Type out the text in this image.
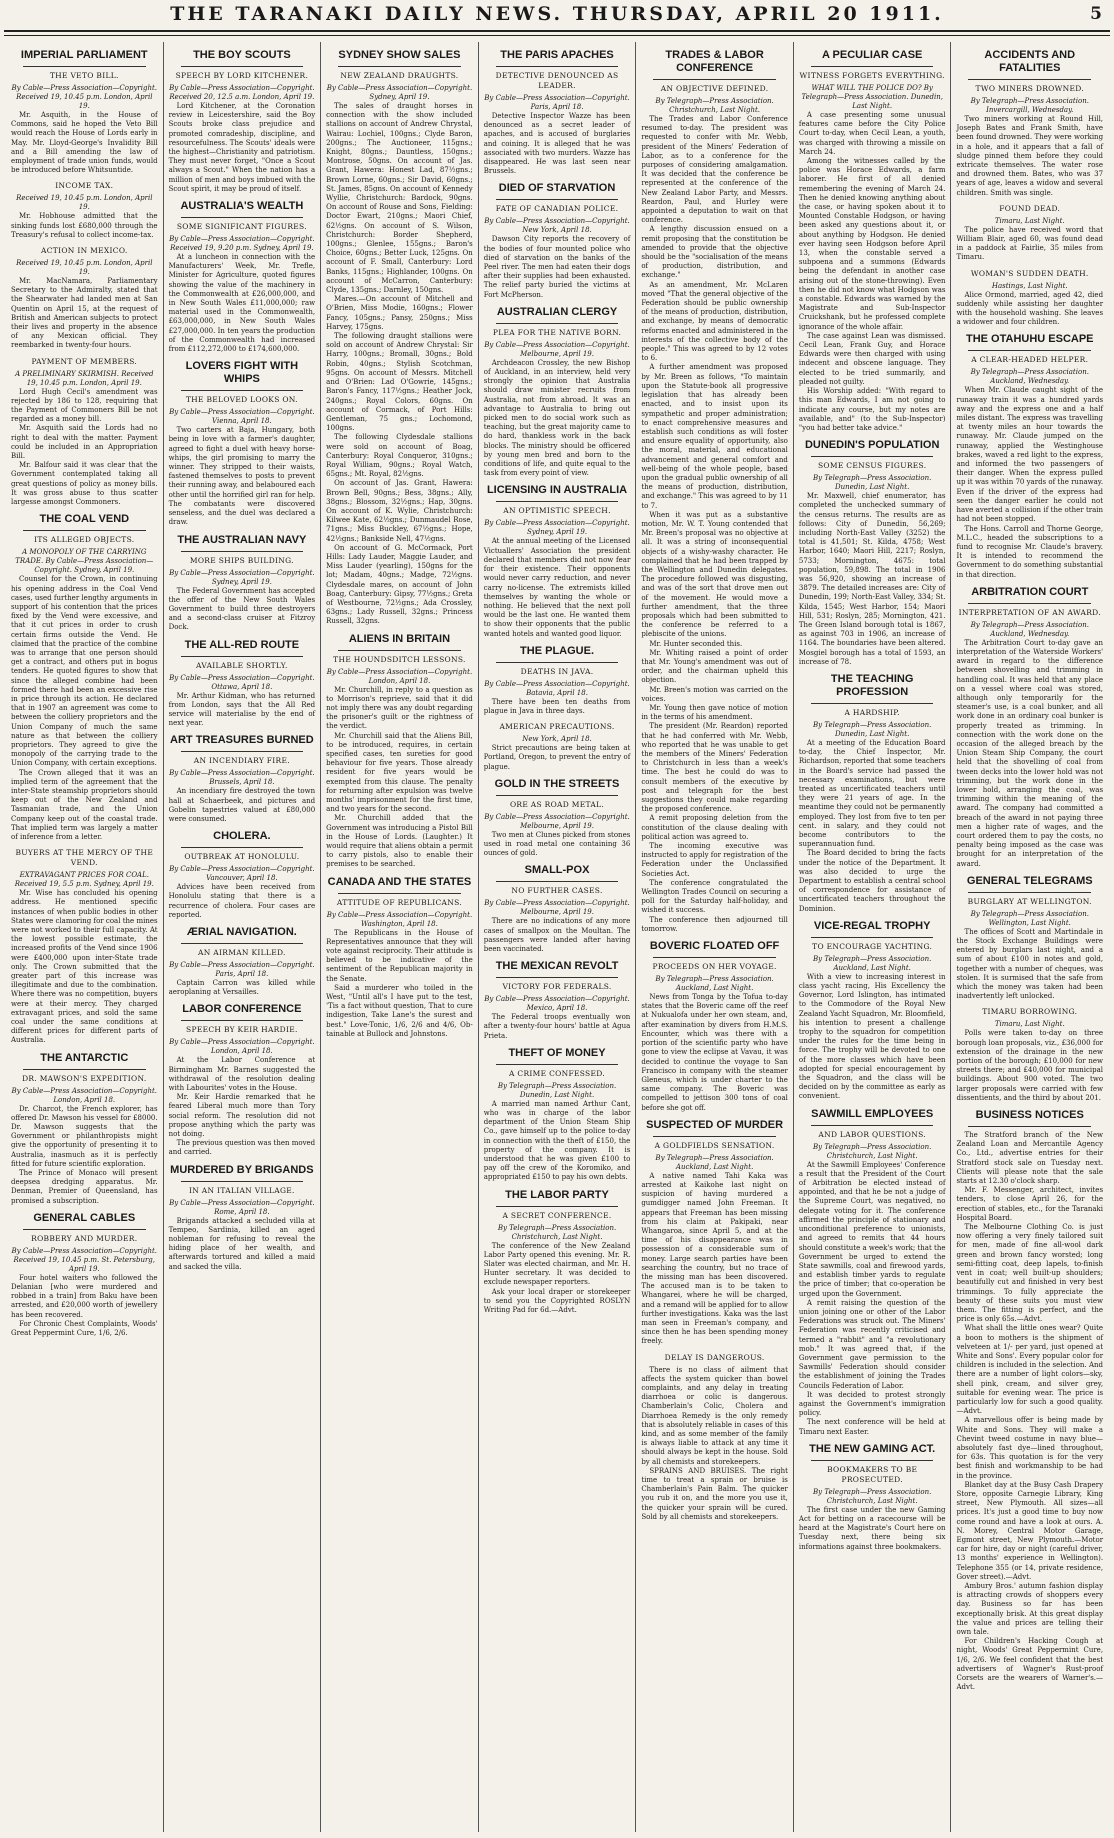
THE TARANAKI DAILY NEWS. THURSDAY, APRIL 20 1911.	5
IMPERIAL PARLIAMENT
THE VETO BILL.
By Cable—Press Association—Copyright. Received 19, 10.45 p.m. London, April 19.

Mr. Asquith, in the House of Commons, said he hoped the Veto Bill would reach the House of Lords early in May. Mr. Lloyd-George's Invalidity Bill and a Bill amending the law of employment of trade union funds, would be introduced before Whitsuntide.

INCOME TAX.
Received 19, 10.45 p.m. London, April 19.

Mr. Hobhouse admitted that the sinking funds lost £680,000 through the Treasury's refusal to collect income-tax.

ACTION IN MEXICO.
Received 19, 10.45 p.m. London, April 19.

Mr. MacNamara, Parliamentary Secretary to the Admiralty, stated that the Shearwater had landed men at San Quentin on April 15, at the request of British and American subjects to protect their lives and property in the absence of any Mexican official. They reembarked in twenty-four hours.

PAYMENT OF MEMBERS.
A PRELIMINARY SKIRMISH. Received 19, 10.45 p.m. London, April 19.

Lord Hugh Cecil's amendment was rejected by 186 to 128, requiring that the Payment of Commoners Bill be not regarded as a money bill.

Mr. Asquith said the Lords had no right to deal with the matter. Payment could be included in an Appropriation Bill.

Mr. Balfour said it was clear that the Government contemplated taking all great questions of policy as money bills. It was gross abuse to thus scatter largesse amongst Commoners.

THE COAL VEND
ITS ALLEGED OBJECTS.
A MONOPOLY OF THE CARRYING TRADE. By Cable—Press Association—Copyright. Sydney, April 19.

Counsel for the Crown, in continuing his opening address in the Coal Vend cases, used further lengthy arguments in support of his contention that the prices fixed by the Vend were excessive, and that it cut prices in order to crush certain firms outside the Vend. He claimed that the practice of the combine was to arrange that one person should get a contract, and others put in bogus tenders. He quoted figures to show that since the alleged combine had been formed there had been an excessive rise in price through its action. He declared that in 1907 an agreement was come to between the colliery proprietors and the Union Company of much the same nature as that between the colliery proprietors. They agreed to give the monopoly of the carrying trade to the Union Company, with certain exceptions.

The Crown alleged that it was an implied term of the agreement that the inter-State steamship proprietors should keep out of the New Zealand and Tasmanian trade, and the Union Company keep out of the coastal trade. That implied term was largely a matter of inference from a letter.

BUYERS AT THE MERCY OF THE VEND.
EXTRAVAGANT PRICES FOR COAL. Received 19, 5.5 p.m. Sydney, April 19.

Mr. Wise has concluded his opening address. He mentioned specific instances of when public bodies in other States were clamoring for coal the mines were not worked to their full capacity. At the lowest possible estimate, the increased profits of the Vend since 1906 were £400,000 upon inter-State trade only. The Crown submitted that the greater part of this increase was illegitimate and due to the combination. Where there was no competition, buyers were at their mercy. They charged extravagant prices, and sold the same coal under the same conditions at different prices for different parts of Australia.

THE ANTARCTIC
DR. MAWSON'S EXPEDITION.
By Cable—Press Association—Copyright. London, April 18.

Dr. Charcot, the French explorer, has offered Dr. Mawson his vessel for £8000. Dr. Mawson suggests that the Government or philanthropists might give the opportunity of presenting it to Australia, inasmuch as it is perfectly fitted for future scientific exploration.

The Prince of Monaco will present deepsea dredging apparatus. Mr. Denman, Premier of Queensland, has promised a subscription.

GENERAL CABLES
ROBBERY AND MURDER.
By Cable—Press Association—Copyright. Received 19, 10.45 p.m. St. Petersburg, April 19.

Four hotel waiters who followed the Delanian [who were murdered and robbed in a train] from Baku have been arrested, and £20,000 worth of jewellery has been recovered.

For Chronic Chest Complaints, Woods' Great Peppermint Cure, 1/6, 2/6.

THE BOY SCOUTS
SPEECH BY LORD KITCHENER.
By Cable—Press Association—Copyright. Received 20, 12.5 a.m. London, April 19.

Lord Kitchener, at the Coronation review in Leicestershire, said the Boy Scouts broke class prejudice and promoted comradeship, discipline, and resourcefulness. The Scouts' ideals were the highest—Christianity and patriotism. They must never forget, "Once a Scout always a Scout." When the nation has a million of men and boys imbued with the Scout spirit, it may be proud of itself.

AUSTRALIA'S WEALTH
SOME SIGNIFICANT FIGURES.
By Cable—Press Association—Copyright. Received 19, 9.20 p.m. Sydney, April 19.

At a luncheon in connection with the Manufacturers' Week, Mr. Trefle, Minister for Agriculture, quoted figures showing the value of the machinery in the Commonwealth at £26,000,000, and in New South Wales £11,000,000; raw material used in the Commonwealth, £63,000,000, in New South Wales £27,000,000. In ten years the production of the Commonwealth had increased from £112,272,000 to £174,600,000.

LOVERS FIGHT WITH WHIPS
THE BELOVED LOOKS ON.
By Cable—Press Association—Copyright. Vienna, April 18.

Two carters at Baja, Hungary, both being in love with a farmer's daughter, agreed to fight a duel with heavy horse-whips, the girl promising to marry the winner. They stripped to their waists, fastened themselves to posts to prevent their running away, and belaboured each other until the horrified girl ran for help. The combatants were discovered senseless, and the duel was declared a draw.

THE AUSTRALIAN NAVY
MORE SHIPS BUILDING.
By Cable—Press Association—Copyright. Sydney, April 19.

The Federal Government has accepted the offer of the New South Wales Government to build three destroyers and a second-class cruiser at Fitzroy Dock.

THE ALL-RED ROUTE
AVAILABLE SHORTLY.
By Cable—Press Association—Copyright. Ottawa, April 18.

Mr. Arthur Kidman, who has returned from London, says that the All Red service will materialise by the end of next year.

ART TREASURES BURNED
AN INCENDIARY FIRE.
By Cable—Press Association—Copyright. Brussels, April 18.

An incendiary fire destroyed the town hall at Schaerbeek, and pictures and Gobelin tapestries valued at £80,000 were consumed.

CHOLERA.
OUTBREAK AT HONOLULU.
By Cable—Press Association—Copyright. Vancouver, April 18.

Advices have been received from Honolulu stating that there is a recurrence of cholera. Four cases are reported.

ÆRIAL NAVIGATION.
AN AIRMAN KILLED.
By Cable—Press Association—Copyright. Paris, April 18.

Captain Carron was killed while aeroplaning at Versailles.

LABOR CONFERENCE
SPEECH BY KEIR HARDIE.
By Cable—Press Association—Copyright. London, April 18.

At the Labor Conference at Birmingham Mr. Barnes suggested the withdrawal of the resolution dealing with Labourites' votes in the House.

Mr. Keir Hardie remarked that he feared Liberal much more than Tory social reform. The resolution did not propose anything which the party was not doing.

The previous question was then moved and carried.

MURDERED BY BRIGANDS
IN AN ITALIAN VILLAGE.
By Cable—Press Association—Copyright. Rome, April 18.

Brigands attacked a secluded villa at Tempeo, Sardinia, killed an aged nobleman for refusing to reveal the hiding place of her wealth, and afterwards tortured and killed a maid and sacked the villa.

SYDNEY SHOW SALES
NEW ZEALAND DRAUGHTS.
By Cable—Press Association—Copyright. Sydney, April 19.

The sales of draught horses in connection with the show included stallions on account of Andrew Chrystal, Wairau: Lochiel, 100gns.; Clyde Baron, 200gns.; The Auctioneer, 115gns.; Knight, 80gns.; Dauntless, 150gns.; Montrose, 50gns. On account of Jas. Grant, Hawera: Honest Lad, 87½gns.; Brown Lorne, 60gns.; Sir David, 60gns.; St. James, 85gns. On account of Kennedy Wyllie, Christchurch: Bardock, 90gns. On account of Rouse and Sons, Fielding: Doctor Ewart, 210gns.; Maori Chief, 62½gns. On account of S. Wilson, Christchurch: Border Shepherd, 100gns.; Glenlee, 155gns.; Baron's Choice, 60gns.; Better Luck, 125gns. On account of F. Small, Canterbury: Lord Banks, 115gns.; Highlander, 100gns. On account of McCarron, Canterbury: Clyde, 135gns.; Darnley, 150gns.

Mares.—On account of Mitchell and O'Brien, Miss Modie, 160gns.; Flower Fancy, 105gns.; Pansy, 250gns.; Miss Harvey, 175gns.

The following draught stallions were sold on account of Andrew Chrystal: Sir Harry, 100gns.; Bromall, 30gns.; Bold Robin, 40gns.; Stylish Scotchman, 95gns. On account of Messrs. Mitchell and O'Brien: Lad O'Gowrie, 145gns.; Baron's Fancy, 117½gns.; Heather Jock, 240gns.; Royal Colors, 60gns. On account of Cormack, of Port Hills: Gentleman, 75 gns.; Lochomond, 100gns.

The following Clydesdale stallions were sold on account of Boag, Canterbury: Royal Conqueror, 310gns.; Royal William, 90gns.; Royal Watch, 65gns.; Mt. Royal, 82½gns.

On account of Jas. Grant, Hawera: Brown Bell, 90gns.; Bess, 38gns.; Ally, 38gns.; Blossom, 32½gns.; Hap, 30gns. On account of K. Wylie, Christchurch: Kilwee Kate, 62½gns.; Dunmaudel Rose, 71gns.; Miss Buckley, 67½gns.; Hope, 42½gns.; Bankside Nell, 47½gns.

On account of G. McCormack, Port Hills: Lady Lauder, Maggie Lauder, and Miss Lauder (yearling), 150gns for the lot; Madam, 40gns.; Madge, 72½gns. Clydesdale mares, on account of John Boag, Canterbury: Gipsy, 77½gns.; Greta of Westbourne, 72½gns.; Ada Crossley, 63gns.; Lady Russell, 32gns.; Princess Russell, 32gns.

ALIENS IN BRITAIN
THE HOUNDSDITCH LESSONS.
By Cable—Press Association—Copyright. London, April 18.

Mr. Churchill, in reply to a question as to Morrison's reprieve, said that it did not imply there was any doubt regarding the prisoner's guilt or the rightness of the verdict.

Mr. Churchill said that the Aliens Bill, to be introduced, requires, in certain specified cases, ten sureties for good behaviour for five years. Those already resident for five years would be exempted from this clause. The penalty for returning after expulsion was twelve months' imprisonment for the first time, and two years for the second.

Mr. Churchill added that the Government was introducing a Pistol Bill in the House of Lords. (Laughter.) It would require that aliens obtain a permit to carry pistols, also to enable their premises to be searched.

CANADA AND THE STATES
ATTITUDE OF REPUBLICANS.
By Cable—Press Association—Copyright. Washington, April 18.

The Republicans in the House of Representatives announce that they will vote against reciprocity. Their attitude is believed to be indicative of the sentiment of the Republican majority in the Senate.

Said a murderer who toiled in the West, "Until all's I have put to the test, 'Tis a fact without question, That to cure indigestion, Take Lane's the surest and best." Love-Tonic, 1/6, 2/6 and 4/6, Ob-tainable at Bullock and Johnstons.

THE PARIS APACHES
DETECTIVE DENOUNCED AS LEADER.
By Cable—Press Association—Copyright. Paris, April 18.

Detective Inspector Wazze has been denounced as a secret leader of apaches, and is accused of burglaries and coining. It is alleged that he was associated with two murders. Wazze has disappeared. He was last seen near Brussels.

DIED OF STARVATION
FATE OF CANADIAN POLICE.
By Cable—Press Association—Copyright. New York, April 18.

Dawson City reports the recovery of the bodies of four mounted police who died of starvation on the banks of the Peel river. The men had eaten their dogs after their supplies had been exhausted. The relief party buried the victims at Fort McPherson.

AUSTRALIAN CLERGY
PLEA FOR THE NATIVE BORN.
By Cable—Press Association—Copyright. Melbourne, April 19.

Archdeacon Crossley, the new Bishop of Auckland, in an interview, held very strongly the opinion that Australia should draw minister recruits from Australia, not from abroad. It was an advantage to Australia to bring out picked men to do social work such as teaching, but the great majority came to do hard, thankless work in the back blocks. The ministry should be officered by young men bred and born to the conditions of life, and quite equal to the task from every point of view.

LICENSING IN AUSTRALIA
AN OPTIMISTIC SPEECH.
By Cable—Press Association—Copyright. Sydney, April 19.

At the annual meeting of the Licensed Victuallers' Association the president declared that members did not now fear for their existence. Their opponents would never carry reduction, and never carry no-license. The extremists killed themselves by wanting the whole or nothing. He believed that the next poll would be the last one. He wanted them to show their opponents that the public wanted hotels and wanted good liquor.

THE PLAGUE.
DEATHS IN JAVA.
By Cable—Press Association—Copyright. Batavia, April 18.

There have been ten deaths from plague in Java in three days.

AMERICAN PRECAUTIONS.
New York, April 18.

Strict precautions are being taken at Portland, Oregon, to prevent the entry of plague.

GOLD IN THE STREETS
ORE AS ROAD METAL.
By Cable—Press Association—Copyright. Melbourne, April 19.

Two men at Clunes picked from stones used in road metal one containing 36 ounces of gold.

SMALL-POX
NO FURTHER CASES.
By Cable—Press Association—Copyright. Melbourne, April 19.

There are no indications of any more cases of smallpox on the Moultan. The passengers were landed after having been vaccinated.

THE MEXICAN REVOLT
VICTORY FOR FEDERALS.
By Cable—Press Association—Copyright. Mexico, April 18.

The Federal troops eventually won after a twenty-four hours' battle at Agua Prieta.

THEFT OF MONEY
A CRIME CONFESSED.
By Telegraph—Press Association. Dunedin, Last Night.

A married man named Arthur Cant, who was in charge of the labor department of the Union Steam Ship Co., gave himself up to the police to-day in connection with the theft of £150, the property of the company. It is understood that he was given £100 to pay off the crew of the Koromiko, and appropriated £150 to pay his own debts.

THE LABOR PARTY
A SECRET CONFERENCE.
By Telegraph—Press Association. Christchurch, Last Night.

The conference of the New Zealand Labor Party opened this evening. Mr. R. Slater was elected chairman, and Mr. H. Hunter secretary. It was decided to exclude newspaper reporters.

Ask your local draper or storekeeper to send you the Copyrighted ROSLYN Writing Pad for 6d.—Advt.

TRADES & LABOR CONFERENCE
AN OBJECTIVE DEFINED.
By Telegraph—Press Association. Christchurch, Last Night.

The Trades and Labor Conference resumed to-day. The president was requested to confer with Mr. Webb, president of the Miners' Federation of Labor, as to a conference for the purposes of considering amalgamation. It was decided that the conference be represented at the conference of the New Zealand Labor Party, and Messrs. Reardon, Paul, and Hurley were appointed a deputation to wait on that conference.

A lengthy discussion ensued on a remit proposing that the constitution be amended to provide that the objective should be the "socialisation of the means of production, distribution, and exchange."

As an amendment, Mr. McLaren moved "That the general objective of the Federation should be public ownership of the means of production, distribution, and exchange, by means of democratic reforms enacted and administered in the interests of the collective body of the people." This was agreed to by 12 votes to 6.

A further amendment was proposed by Mr. Breen as follows, "To maintain upon the Statute-book all progressive legislation that has already been enacted, and to insist upon its sympathetic and proper administration; to enact comprehensive measures and establish such conditions as will foster and ensure equality of opportunity, also the moral, material, and educational advancement and general comfort and well-being of the whole people, based upon the gradual public ownership of all the means of production, distribution, and exchange." This was agreed to by 11 to 7.

When it was put as a substantive motion, Mr. W. T. Young contended that Mr. Breen's proposal was no objective at all. It was a string of inconsequential objects of a wishy-washy character. He complained that he had been trapped by the Wellington and Dunedin delegates. The procedure followed was disgusting, and was of the sort that drove men out of the movement. He would move a further amendment, that the three proposals which had been submitted to the conference be referred to a plebiscite of the unions.

Mr. Hunter seconded this.

Mr. Whiting raised a point of order that Mr. Young's amendment was out of order, and the chairman upheld this objection.

Mr. Breen's motion was carried on the voices.

Mr. Young then gave notice of motion in the terms of his amendment.

The president (Mr. Reardon) reported that he had conferred with Mr. Webb, who reported that he was unable to get the members of the Miners' Federation to Christchurch in less than a week's time. The best he could do was to consult members of the executive by post and telegraph for the best suggestions they could make regarding the proposed conference.

A remit proposing deletion from the constitution of the clause dealing with political action was agreed to.

The incoming executive was instructed to apply for registration of the Federation under the Unclassified Societies Act.

The conference congratulated the Wellington Trades Council on securing a poll for the Saturday half-holiday, and wished it success.

The conference then adjourned till tomorrow.

BOVERIC FLOATED OFF
PROCEEDS ON HER VOYAGE.
By Telegraph—Press Association. Auckland, Last Night.

News from Tonga by the Tofua to-day states that the Boveric came off the reef at Nukualofa under her own steam, and, after examination by divers from H.M.S. Encounter, which was there with a portion of the scientific party who have gone to view the eclipse at Vavau, it was decided to continue the voyage to San Francisco in company with the steamer Gleneus, which is under charter to the same company. The Boveric was compelled to jettison 300 tons of coal before she got off.

SUSPECTED OF MURDER
A GOLDFIELDS SENSATION.
By Telegraph—Press Association. Auckland, Last Night.

A native named Tahi Kaka was arrested at Kaikohe last night on suspicion of having murdered a gumdigger named John Freeman. It appears that Freeman has been missing from his claim at Pakipaki, near Whangaroa, since April 5, and at the time of his disappearance was in possession of a considerable sum of money. Large search parties have been searching the country, but no trace of the missing man has been discovered. The accused man is to be taken to Whangarei, where he will be charged, and a remand will be applied for to allow further investigations. Kaka was the last man seen in Freeman's company, and since then he has been spending money freely.

DELAY IS DANGEROUS.

There is no class of ailment that affects the system quicker than bowel complaints, and any delay in treating diarrhoea or colic is dangerous. Chamberlain's Colic, Cholera and Diarrhoea Remedy is the only remedy that is absolutely reliable in cases of this kind, and as some member of the family is always liable to attack at any time it should always be kept in the house. Sold by all chemists and storekeepers.

SPRAINS AND BRUISES. The right time to treat a sprain or bruise is Chamberlain's Pain Balm. The quicker you rub it on, and the more you use it, the quicker your sprain will be cured. Sold by all chemists and storekeepers.

A PECULIAR CASE
WITNESS FORGETS EVERYTHING.
WHAT WILL THE POLICE DO? By Telegraph—Press Association. Dunedin, Last Night.

A case presenting some unusual features came before the City Police Court to-day, when Cecil Lean, a youth, was charged with throwing a missile on March 24.

Among the witnesses called by the police was Horace Edwards, a farm laborer. He first of all denied remembering the evening of March 24. Then he denied knowing anything about the case, or having spoken about it to Mounted Constable Hodgson, or having been asked any questions about it, or about anything by Hodgson. He denied ever having seen Hodgson before April 13, when the constable served a subpoena and a summons (Edwards being the defendant in another case arising out of the stone-throwing). Even then he did not know what Hodgson was a constable. Edwards was warned by the Magistrate and Sub-Inspector Cruickshank, but he professed complete ignorance of the whole affair.

The case against Lean was dismissed. Cecil Lean, Frank Guy, and Horace Edwards were then charged with using indecent and obscene language. They elected to be tried summarily, and pleaded not guilty.

His Worship added: "With regard to this man Edwards, I am not going to indicate any course, but my notes are available, and" (to the Sub-Inspector) "you had better take advice."

DUNEDIN'S POPULATION
SOME CENSUS FIGURES.
By Telegraph—Press Association. Dunedin, Last Night.

Mr. Maxwell, chief enumerator, has completed the unchecked summary of the census returns. The results are as follows: City of Dunedin, 56,269; including North-East Valley (3252) the total is 41,501; St. Kilda, 4758; West Harbor, 1640; Maori Hill, 2217; Roslyn, 5733; Mornington, 4675: total population, 59,898. The total in 1906 was 56,920, showing an increase of 3879. The detailed increases are: City of Dunedin, 199; North-East Valley, 334; St. Kilda, 1545; West Harbor, 154; Maori Hill, 531; Roslyn, 285; Mornington, 421. The Green Island borough total is 1867, as against 703 in 1906, an increase of 1164. The boundaries have been altered. Mosgiel borough has a total of 1593, an increase of 78.

THE TEACHING PROFESSION
A HARDSHIP.
By Telegraph—Press Association. Dunedin, Last Night.

At a meeting of the Education Board to-day, the Chief Inspector, Mr. Richardson, reported that some teachers in the Board's service had passed the necessary examinations, but were treated as uncertificated teachers until they were 21 years of age. In the meantime they could not be permanently employed. They lost from five to ten per cent. in salary, and they could not become contributors to the superannuation fund.

The Board decided to bring the facts under the notice of the Department. It was also decided to urge the Department to establish a central school of correspondence for assistance of uncertificated teachers throughout the Dominion.

VICE-REGAL TROPHY
TO ENCOURAGE YACHTING.
By Telegraph—Press Association. Auckland, Last Night.

With a view to increasing interest in class yacht racing, His Excellency the Governor, Lord Islington, has intimated to the Commodore of the Royal New Zealand Yacht Squadron, Mr. Bloomfield, his intention to present a challenge trophy to the squadron for competition under the rules for the time being in force. The trophy will be devoted to one of the more classes which have been adopted for special encouragement by the Squadron, and the class will be decided on by the committee as early as convenient.

SAWMILL EMPLOYEES
AND LABOR QUESTIONS.
By Telegraph—Press Association. Christchurch, Last Night.

At the Sawmill Employees' Conference a result that the President of the Court of Arbitration be elected instead of appointed, and that he be not a judge of the Supreme Court, was negatived, no delegate voting for it. The conference affirmed the principle of stationary and unconditional preference to unionists, and agreed to remits that 44 hours should constitute a week's work; that the Government be urged to extend the State sawmills, coal and firewood yards, and establish timber yards to regulate the price of timber; that co-operation be urged upon the Government.

A remit raising the question of the union joining one or other of the Labor Federations was struck out. The Miners' Federation was recently criticised and termed a "rabbit" and "a revolutionary mob." It was agreed that, if the Government gave permission to the Sawmills' Federation should consider the establishment of joining the Trades Councils Federation of Labor.

It was decided to protest strongly against the Government's immigration policy.

The next conference will be held at Timaru next Easter.

THE NEW GAMING ACT.
BOOKMAKERS TO BE PROSECUTED.
By Telegraph—Press Association. Christchurch, Last Night.

The first case under the new Gaming Act for betting on a racecourse will be heard at the Magistrate's Court here on Tuesday next, there being six informations against three bookmakers.

ACCIDENTS AND FATALITIES
TWO MINERS DROWNED.
By Telegraph—Press Association. Invercargill, Wednesday.

Two miners working at Round Hill, Joseph Bates and Frank Smith, have been found drowned. They were working in a hole, and it appears that a fall of sludge pinned them before they could extricate themselves. The water rose and drowned them. Bates, who was 37 years of age, leaves a widow and several children. Smith was single.

FOUND DEAD.
Timaru, Last Night.

The police have received word that William Blair, aged 60, was found dead in a paddock at Fairlie, 35 miles from Timaru.

WOMAN'S SUDDEN DEATH.
Hastings, Last Night.

Alice Ormond, married, aged 42, died suddenly while assisting her daughter with the household washing. She leaves a widower and four children.

THE OTAHUHU ESCAPE
A CLEAR-HEADED HELPER.
By Telegraph—Press Association. Auckland, Wednesday.

When Mr. Claude caught sight of the runaway train it was a hundred yards away and the express one and a half miles distant. The express was travelling at twenty miles an hour towards the runaway. Mr. Claude jumped on the runaway, applied the Westinghouse brakes, waved a red light to the express, and informed the two passengers of their danger. When the express pulled up it was within 70 yards of the runaway. Even if the driver of the express had seen the danger earlier he could not have averted a collision if the other train had not been stopped.

The Hons. Carroll and Thorne George, M.L.C., headed the subscriptions to a fund to recognise Mr. Claude's bravery. It is intended to recommend the Government to do something substantial in that direction.

ARBITRATION COURT
INTERPRETATION OF AN AWARD.
By Telegraph—Press Association. Auckland, Wednesday.

The Arbitration Court to-day gave an interpretation of the Waterside Workers' award in regard to the difference between shovelling and trimming in handling coal. It was held that any place on a vessel where coal was stored, although only temporarily for the steamer's use, is a coal bunker, and all work done in an ordinary coal bunker is properly treated as trimming. In connection with the work done on the occasion of the alleged breach by the Union Steam Ship Company, the court held that the shovelling of coal from tween decks into the lower hold was not trimming, but the work done in the lower hold, arranging the coal, was trimming within the meaning of the award. The company had committed a breach of the award in not paying three men a higher rate of wages, and the court ordered them to pay the costs, no penalty being imposed as the case was brought for an interpretation of the award.

GENERAL TELEGRAMS
BURGLARY AT WELLINGTON.
By Telegraph—Press Association. Wellington, Last Night.

The offices of Scott and Martindale in the Stock Exchange Buildings were entered by burglars last night, and a sum of about £100 in notes and gold, together with a number of cheques, was stolen. It is surmised that the safe from which the money was taken had been inadvertently left unlocked.

TIMARU BORROWING.
Timaru, Last Night.

Polls were taken to-day on three borough loan proposals, viz., £36,000 for extension of the drainage in the new portion of the borough; £10,000 for new streets there; and £40,000 for municipal buildings. About 900 voted. The two larger proposals were carried with few dissentients, and the third by about 201.

BUSINESS NOTICES

The Stratford branch of the New Zealand Loan and Mercantile Agency Co., Ltd., advertise entries for their Stratford stock sale on Tuesday next. Clients will please note that the sale starts at 12.30 o'clock sharp.

Mr. F. Messenger, architect, invites tenders, to close April 26, for the erection of stables, etc., for the Taranaki Hospital Board.

The Melbourne Clothing Co. is just now offering a very finely tailored suit for men, made of fine all-wool dark green and brown fancy worsted; long semi-fitting coat, deep lapels, to-finish vent in coat; well built-up shoulders; beautifully cut and finished in very best trimmings. To fully appreciate the beauty of these suits you must view them. The fitting is perfect, and the price is only 65s.—Advt.

What shall the little ones wear? Quite a boon to mothers is the shipment of velveteen at 1/- per yard, just opened at White and Sons'. Every popular color for children is included in the selection. And there are a number of light colors—sky, shell pink, cream, and silver grey, suitable for evening wear. The price is particularly low for such a good quality.—Advt.

A marvellous offer is being made by White and Sons. They will make a Chevint tweed costume in navy blue—absolutely fast dye—lined throughout, for 63s. This quotation is for the very best finish and workmanship to be had in the province.

Blanket day at the Busy Cash Drapery Store, opposite Carnegie Library, King street, New Plymouth. All sizes—all prices. It's just a good time to buy now come round and have a look at ours. A. N. Morey, Central Motor Garage, Egmont street, New Plymouth.—Motor car for hire, day or night (careful driver, 13 months' experience in Wellington). Telephone 355 (or 14, private residence, Gover street).—Advt.

Ambury Bros.' autumn fashion display is attracting crowds of shoppers every day. Business so far has been exceptionally brisk. At this great display the value and prices are telling their own tale.

For Children's Hacking Cough at night, Woods' Great Peppermint Cure, 1/6, 2/6. We feel confident that the best advertisers of Wagner's Rust-proof Corsets are the wearers of Warner's.—Advt.
